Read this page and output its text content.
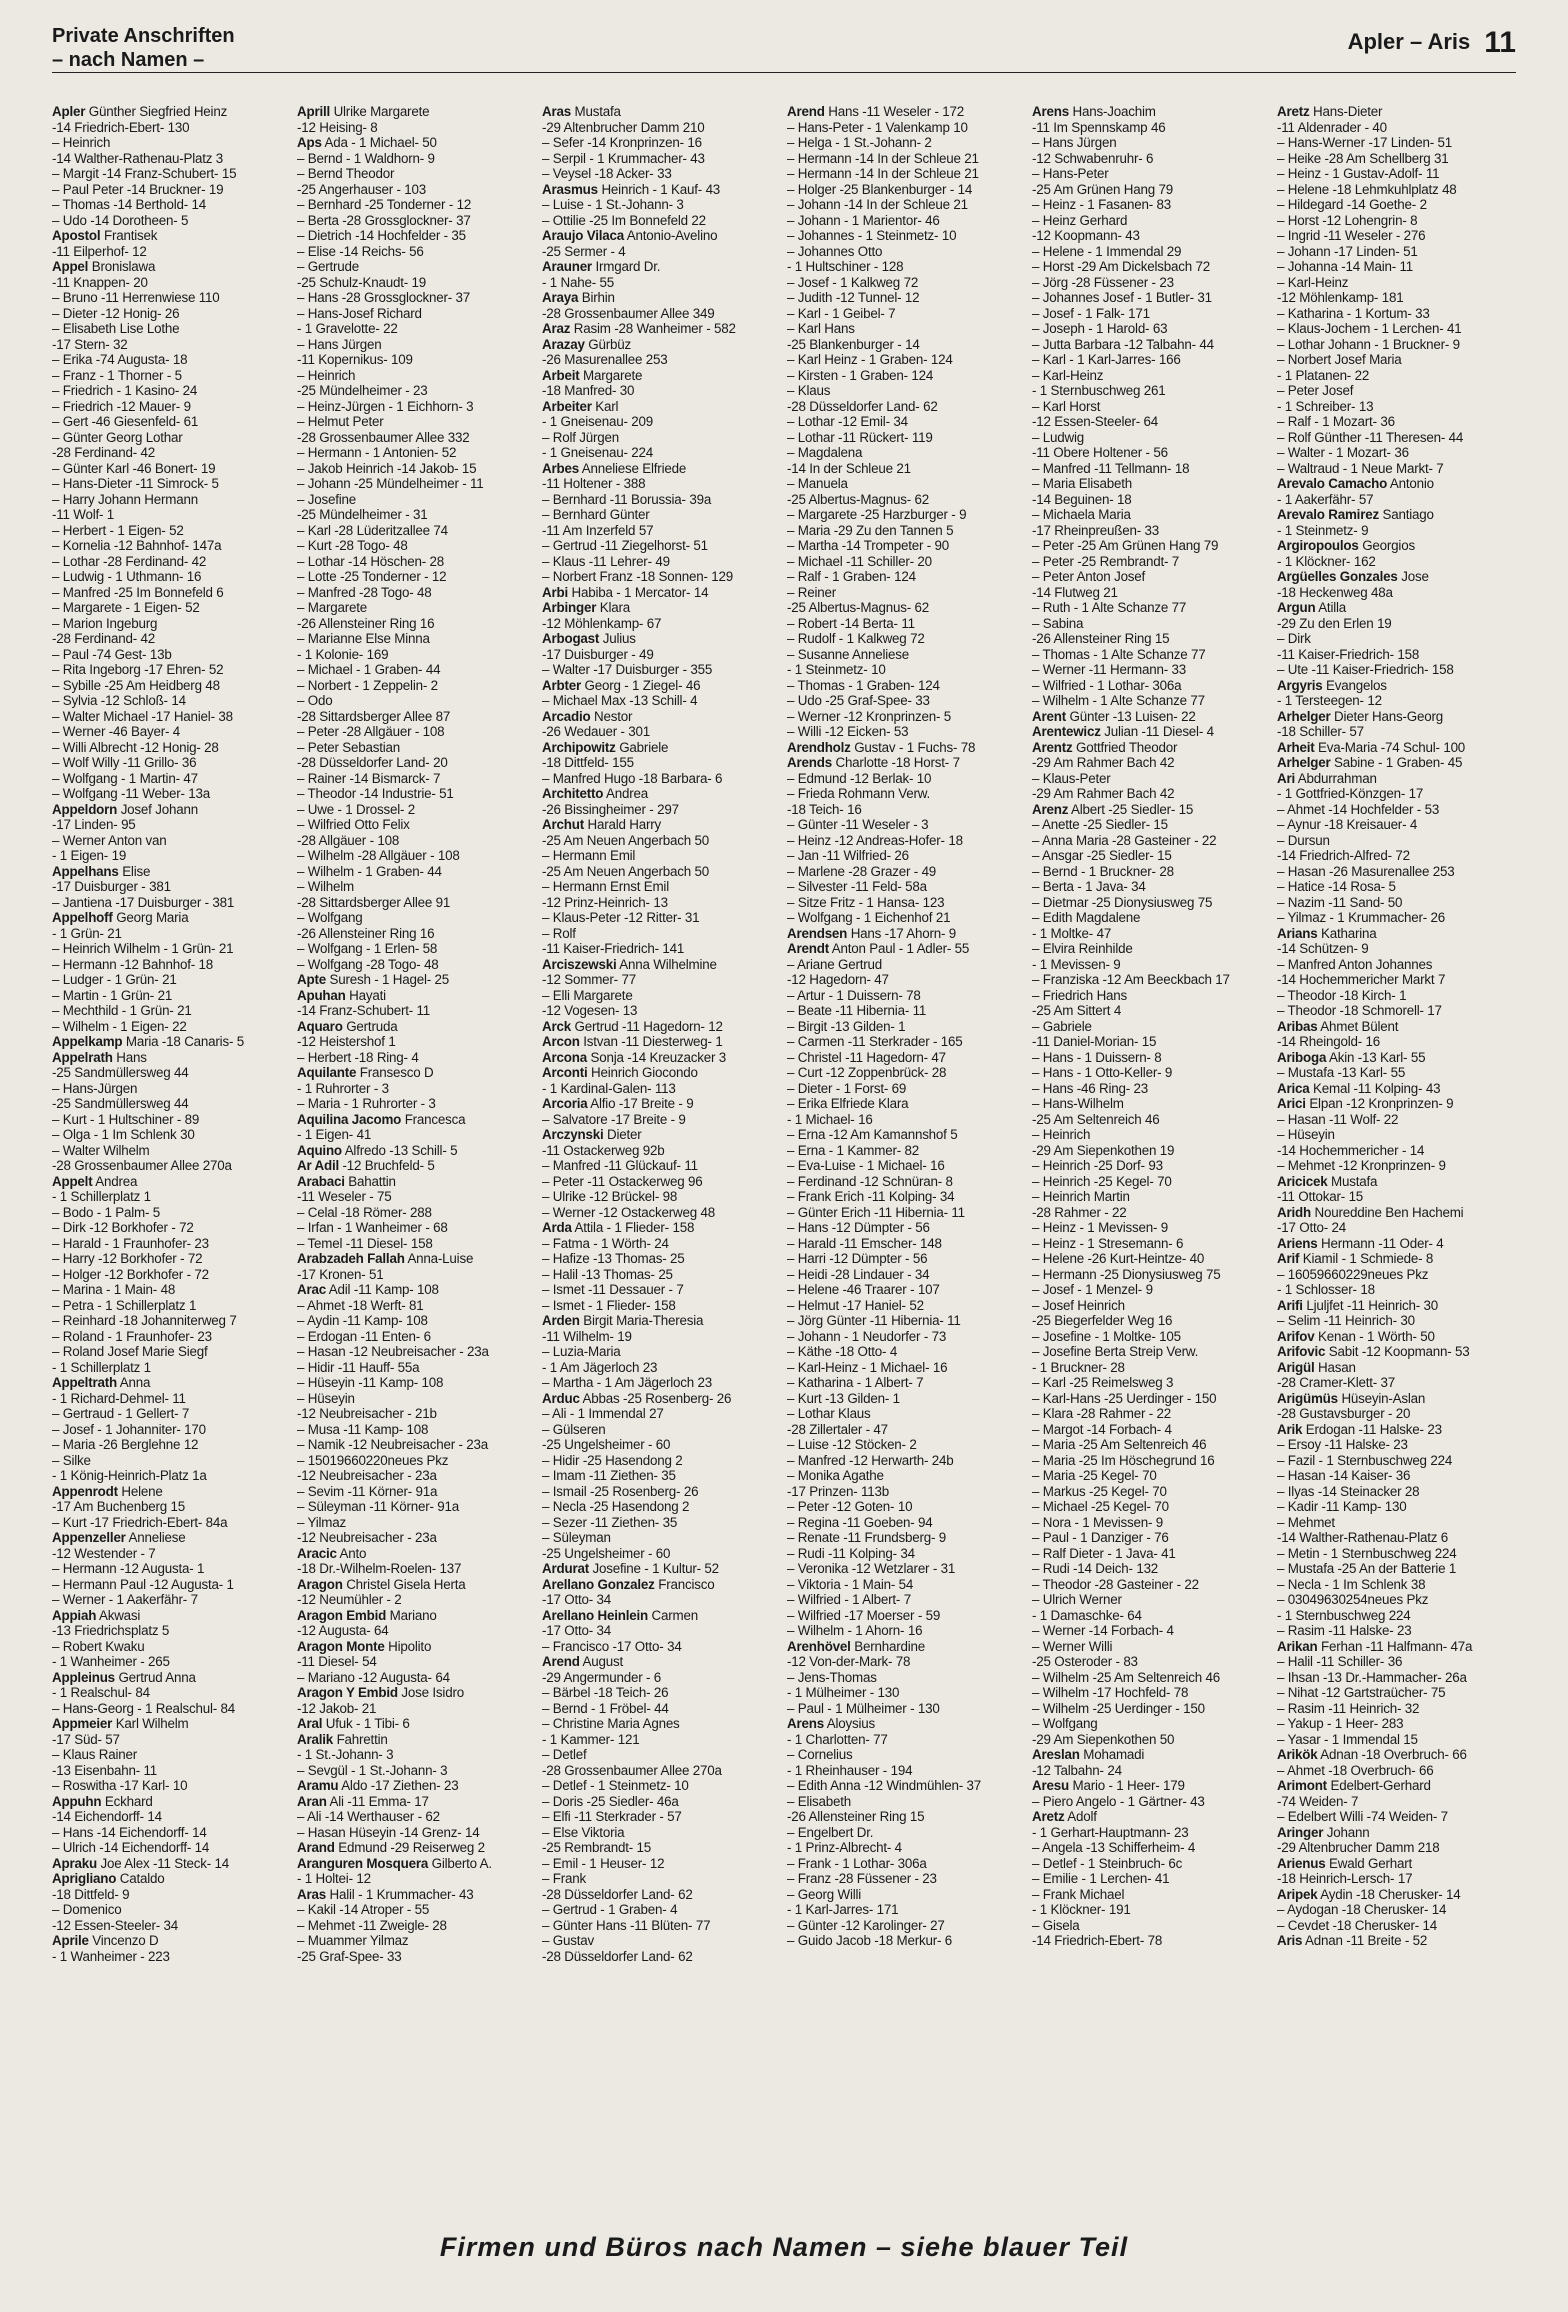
Private Anschriften
– nach Namen –
Apler – Aris 11
Apler Günther Siegfried Heinz
-14 Friedrich-Ebert- 130
– Heinrich
-14 Walther-Rathenau-Platz 3
– Margit -14 Franz-Schubert- 15
– Paul Peter -14 Bruckner- 19
– Thomas -14 Berthold- 14
– Udo -14 Dorotheen- 5
Apostol Frantisek
-11 Eilperhof- 12
Appel Bronislawa
-11 Knappen- 20
– Bruno -11 Herrenwiese 110
– Dieter -12 Honig- 26
– Elisabeth Lise Lothe
-17 Stern- 32
– Erika -74 Augusta- 18
– Franz - 1 Thorner - 5
– Friedrich - 1 Kasino- 24
– Friedrich -12 Mauer- 9
– Gert -46 Giesenfeld- 61
– Günter Georg Lothar
-28 Ferdinand- 42
– Günter Karl -46 Bonert- 19
– Hans-Dieter -11 Simrock- 5
– Harry Johann Hermann
-11 Wolf- 1
– Herbert - 1 Eigen- 52
– Kornelia -12 Bahnhof- 147a
– Lothar -28 Ferdinand- 42
– Ludwig - 1 Uthmann- 16
– Manfred -25 Im Bonnefeld 6
– Margarete - 1 Eigen- 52
– Marion Ingeburg
-28 Ferdinand- 42
– Paul -74 Gest- 13b
– Rita Ingeborg -17 Ehren- 52
– Sybille -25 Am Heidberg 48
– Sylvia -12 Schloß- 14
– Walter Michael -17 Haniel- 38
– Werner -46 Bayer- 4
– Willi Albrecht -12 Honig- 28
– Wolf Willy -11 Grillo- 36
– Wolfgang - 1 Martin- 47
– Wolfgang -11 Weber- 13a
Appeldorn Josef Johann
-17 Linden- 95
– Werner Anton van
- 1 Eigen- 19
Appelhans Elise
-17 Duisburger - 381
– Jantiena -17 Duisburger - 381
Appelhoff Georg Maria
- 1 Grün- 21
– Heinrich Wilhelm - 1 Grün- 21
– Hermann -12 Bahnhof- 18
– Ludger - 1 Grün- 21
– Martin - 1 Grün- 21
– Mechthild - 1 Grün- 21
– Wilhelm - 1 Eigen- 22
Appelkamp Maria -18 Canaris- 5
Appelrath Hans
-25 Sandmüllersweg 44
– Hans-Jürgen
-25 Sandmüllersweg 44
– Kurt - 1 Hultschiner - 89
– Olga - 1 Im Schlenk 30
– Walter Wilhelm
-28 Grossenbaumer Allee 270a
Appelt Andrea
- 1 Schillerplatz 1
– Bodo - 1 Palm- 5
– Dirk -12 Borkhofer - 72
– Harald - 1 Fraunhofer- 23
– Harry -12 Borkhofer - 72
– Holger -12 Borkhofer - 72
– Marina - 1 Main- 48
– Petra - 1 Schillerplatz 1
– Reinhard -18 Johanniterweg 7
– Roland - 1 Fraunhofer- 23
– Roland Josef Marie Siegf
- 1 Schillerplatz 1
Appeltrath Anna
- 1 Richard-Dehmel- 11
– Gertraud - 1 Gellert- 7
– Josef - 1 Johanniter- 170
– Maria -26 Berglehne 12
– Silke
- 1 König-Heinrich-Platz 1a
Appenrodt Helene
-17 Am Buchenberg 15
– Kurt -17 Friedrich-Ebert- 84a
Appenzeller Anneliese
-12 Westender - 7
– Hermann -12 Augusta- 1
– Hermann Paul -12 Augusta- 1
– Werner - 1 Aakerfähr- 7
Appiah Akwasi
-13 Friedrichsplatz 5
– Robert Kwaku
- 1 Wanheimer - 265
Appleinus Gertrud Anna
- 1 Realschul- 84
– Hans-Georg - 1 Realschul- 84
Appmeier Karl Wilhelm
-17 Süd- 57
– Klaus Rainer
-13 Eisenbahn- 11
– Roswitha -17 Karl- 10
Appuhn Eckhard
-14 Eichendorff- 14
– Hans -14 Eichendorff- 14
– Ulrich -14 Eichendorff- 14
Apraku Joe Alex -11 Steck- 14
Aprigliano Cataldo
-18 Dittfeld- 9
– Domenico
-12 Essen-Steeler- 34
Aprile Vincenzo D
- 1 Wanheimer - 223
Aprill Ulrike Margarete
-12 Heising- 8
Aps Ada - 1 Michael- 50
– Bernd - 1 Waldhorn- 9
– Bernd Theodor
-25 Angerhauser - 103
– Bernhard -25 Tonderner - 12
– Berta -28 Grossglockner- 37
– Dietrich -14 Hochfelder - 35
– Elise -14 Reichs- 56
– Gertrude
-25 Schulz-Knaudt- 19
– Hans -28 Grossglockner- 37
– Hans-Josef Richard
- 1 Gravelotte- 22
– Hans Jürgen
-11 Kopernikus- 109
– Heinrich
-25 Mündelheimer - 23
– Heinz-Jürgen - 1 Eichhorn- 3
– Helmut Peter
-28 Grossenbaumer Allee 332
– Hermann - 1 Antonien- 52
– Jakob Heinrich -14 Jakob- 15
– Johann -25 Mündelheimer - 11
– Josefine
-25 Mündelheimer - 31
– Karl -28 Lüderitzallee 74
– Kurt -28 Togo- 48
– Lothar -14 Höschen- 28
– Lotte -25 Tonderner - 12
– Manfred -28 Togo- 48
– Margarete
-26 Allensteiner Ring 16
– Marianne Else Minna
- 1 Kolonie- 169
– Michael - 1 Graben- 44
– Norbert - 1 Zeppelin- 2
– Odo
-28 Sittardsberger Allee 87
– Peter -28 Allgäuer - 108
– Peter Sebastian
-28 Düsseldorfer Land- 20
– Rainer -14 Bismarck- 7
– Theodor -14 Industrie- 51
– Uwe - 1 Drossel- 2
– Wilfried Otto Felix
-28 Allgäuer - 108
– Wilhelm -28 Allgäuer - 108
– Wilhelm - 1 Graben- 44
– Wilhelm
-28 Sittardsberger Allee 91
– Wolfgang
-26 Allensteiner Ring 16
– Wolfgang - 1 Erlen- 58
– Wolfgang -28 Togo- 48
Apte Suresh - 1 Hagel- 25
Apuhan Hayati
-14 Franz-Schubert- 11
Aquaro Gertruda
-12 Heistershof 1
– Herbert -18 Ring- 4
Aquilante Fransesco D
- 1 Ruhrorter - 3
– Maria - 1 Ruhrorter - 3
Aquilina Jacomo Francesca
- 1 Eigen- 41
Aquino Alfredo -13 Schill- 5
Ar Adil -12 Bruchfeld- 5
Arabaci Bahattin
-11 Weseler - 75
– Celal -18 Römer- 288
– Irfan - 1 Wanheimer - 68
– Temel -11 Diesel- 158
Arabzadeh Fallah Anna-Luise
-17 Kronen- 51
Arac Adil -11 Kamp- 108
– Ahmet -18 Werft- 81
– Aydin -11 Kamp- 108
– Erdogan -11 Enten- 6
– Hasan -12 Neubreisacher - 23a
– Hidir -11 Hauff- 55a
– Hüseyin -11 Kamp- 108
– Hüseyin
-12 Neubreisacher - 21b
– Musa -11 Kamp- 108
– Namik -12 Neubreisacher - 23a
– 15019660220neues Pkz
-12 Neubreisacher - 23a
– Sevim -11 Körner- 91a
– Süleyman -11 Körner- 91a
– Yilmaz
-12 Neubreisacher - 23a
Aracic Anto
-18 Dr.-Wilhelm-Roelen- 137
Aragon Christel Gisela Herta
-12 Neumühler - 2
Aragon Embid Mariano
-12 Augusta- 64
Aragon Monte Hipolito
-11 Diesel- 54
– Mariano -12 Augusta- 64
Aragon Y Embid Jose Isidro
-12 Jakob- 21
Aral Ufuk - 1 Tibi- 6
Aralik Fahrettin
- 1 St.-Johann- 3
– Sevgül - 1 St.-Johann- 3
Aramu Aldo -17 Ziethen- 23
Aran Ali -11 Emma- 17
– Ali -14 Werthauser - 62
– Hasan Hüseyin -14 Grenz- 14
Arand Edmund -29 Reiserweg 2
Aranguren Mosquera Gilberto A.
- 1 Holtei- 12
Aras Halil - 1 Krummacher- 43
– Kakil -14 Atroper - 55
– Mehmet -11 Zweigle- 28
– Muammer Yilmaz
-25 Graf-Spee- 33
Aras Mustafa
-29 Altenbrucher Damm 210
– Sefer -14 Kronprinzen- 16
– Serpil - 1 Krummacher- 43
– Veysel -18 Acker- 33
Arasmus Heinrich - 1 Kauf- 43
– Luise - 1 St.-Johann- 3
– Ottilie -25 Im Bonnefeld 22
Araujo Vilaca Antonio-Avelino
-25 Sermer - 4
Arauner Irmgard Dr.
- 1 Nahe- 55
Araya Birhin
-28 Grossenbaumer Allee 349
Araz Rasim -28 Wanheimer - 582
Arazay Gürbüz
-26 Masurenallee 253
Arbeit Margarete
-18 Manfred- 30
Arbeiter Karl
- 1 Gneisenau- 209
– Rolf Jürgen
- 1 Gneisenau- 224
Arbes Anneliese Elfriede
-11 Holtener - 388
– Bernhard -11 Borussia- 39a
– Bernhard Günter
-11 Am Inzerfeld 57
– Gertrud -11 Ziegelhorst- 51
– Klaus -11 Lehrer- 49
– Norbert Franz -18 Sonnen- 129
Arbi Habiba - 1 Mercator- 14
Arbinger Klara
-12 Möhlenkamp- 67
Arbogast Julius
-17 Duisburger - 49
– Walter -17 Duisburger - 355
Arbter Georg - 1 Ziegel- 46
– Michael Max -13 Schill- 4
Arcadio Nestor
-26 Wedauer - 301
Archipowitz Gabriele
-18 Dittfeld- 155
– Manfred Hugo -18 Barbara- 6
Architetto Andrea
-26 Bissingheimer - 297
Archut Harald Harry
-25 Am Neuen Angerbach 50
– Hermann Emil
-25 Am Neuen Angerbach 50
– Hermann Ernst Emil
-12 Prinz-Heinrich- 13
– Klaus-Peter -12 Ritter- 31
– Rolf
-11 Kaiser-Friedrich- 141
Arciszewski Anna Wilhelmine
-12 Sommer- 77
– Elli Margarete
-12 Vogesen- 13
Arck Gertrud -11 Hagedorn- 12
Arcon Istvan -11 Diesterweg- 1
Arcona Sonja -14 Kreuzacker 3
Arconti Heinrich Giocondo
- 1 Kardinal-Galen- 113
Arcoria Alfio -17 Breite - 9
– Salvatore -17 Breite - 9
Arczynski Dieter
-11 Ostackerweg 92b
– Manfred -11 Glückauf- 11
– Peter -11 Ostackerweg 96
– Ulrike -12 Brückel- 98
– Werner -12 Ostackerweg 48
Arda Attila - 1 Flieder- 158
– Fatma - 1 Wörth- 24
– Hafize -13 Thomas- 25
– Halil -13 Thomas- 25
– Ismet -11 Dessauer - 7
– Ismet - 1 Flieder- 158
Arden Birgit Maria-Theresia
-11 Wilhelm- 19
– Luzia-Maria
- 1 Am Jägerloch 23
– Martha - 1 Am Jägerloch 23
Arduc Abbas -25 Rosenberg- 26
– Ali - 1 Immendal 27
– Gülseren
-25 Ungelsheimer - 60
– Hidir -25 Hasendong 2
– Imam -11 Ziethen- 35
– Ismail -25 Rosenberg- 26
– Necla -25 Hasendong 2
– Sezer -11 Ziethen- 35
– Süleyman
-25 Ungelsheimer - 60
Ardurat Josefine - 1 Kultur- 52
Arellano Gonzalez Francisco
-17 Otto- 34
Arellano Heinlein Carmen
-17 Otto- 34
– Francisco -17 Otto- 34
Arend August
-29 Angermunder - 6
– Bärbel -18 Teich- 26
– Bernd - 1 Fröbel- 44
– Christine Maria Agnes
- 1 Kammer- 121
– Detlef
-28 Grossenbaumer Allee 270a
– Detlef - 1 Steinmetz- 10
– Doris -25 Siedler- 46a
– Elfi -11 Sterkrader - 57
– Else Viktoria
-25 Rembrandt- 15
– Emil - 1 Heuser- 12
– Frank
-28 Düsseldorfer Land- 62
– Gertrud - 1 Graben- 4
– Günter Hans -11 Blüten- 77
– Gustav
-28 Düsseldorfer Land- 62
Arend Hans -11 Weseler - 172
– Hans-Peter - 1 Valenkamp 10
– Helga - 1 St.-Johann- 2
– Hermann -14 In der Schleue 21
– Hermann -14 In der Schleue 21
– Holger -25 Blankenburger - 14
– Johann -14 In der Schleue 21
– Johann - 1 Marientor- 46
– Johannes - 1 Steinmetz- 10
– Johannes Otto
- 1 Hultschiner - 128
– Josef - 1 Kalkweg 72
– Judith -12 Tunnel- 12
– Karl - 1 Geibel- 7
– Karl Hans
-25 Blankenburger - 14
– Karl Heinz - 1 Graben- 124
– Kirsten - 1 Graben- 124
– Klaus
-28 Düsseldorfer Land- 62
– Lothar -12 Emil- 34
– Lothar -11 Rückert- 119
– Magdalena
-14 In der Schleue 21
– Manuela
-25 Albertus-Magnus- 62
– Margarete -25 Harzburger - 9
– Maria -29 Zu den Tannen 5
– Martha -14 Trompeter - 90
– Michael -11 Schiller- 20
– Ralf - 1 Graben- 124
– Reiner
-25 Albertus-Magnus- 62
– Robert -14 Berta- 11
– Rudolf - 1 Kalkweg 72
– Susanne Anneliese
- 1 Steinmetz- 10
– Thomas - 1 Graben- 124
– Udo -25 Graf-Spee- 33
– Werner -12 Kronprinzen- 5
– Willi -12 Eicken- 53
Arendholz Gustav - 1 Fuchs- 78
Arends Charlotte -18 Horst- 7
– Edmund -12 Berlak- 10
– Frieda Rohmann Verw.
-18 Teich- 16
– Günter -11 Weseler - 3
– Heinz -12 Andreas-Hofer- 18
– Jan -11 Wilfried- 26
– Marlene -28 Grazer - 49
– Silvester -11 Feld- 58a
– Sitze Fritz - 1 Hansa- 123
– Wolfgang - 1 Eichenhof 21
Arendsen Hans -17 Ahorn- 9
Arendt Anton Paul - 1 Adler- 55
– Ariane Gertrud
-12 Hagedorn- 47
– Artur - 1 Duissern- 78
– Beate -11 Hibernia- 11
– Birgit -13 Gilden- 1
– Carmen -11 Sterkrader - 165
– Christel -11 Hagedorn- 47
– Curt -12 Zoppenbrück- 28
– Dieter - 1 Forst- 69
– Erika Elfriede Klara
- 1 Michael- 16
– Erna -12 Am Kamannshof 5
– Erna - 1 Kammer- 82
– Eva-Luise - 1 Michael- 16
– Ferdinand -12 Schnüran- 8
– Frank Erich -11 Kolping- 34
– Günter Erich -11 Hibernia- 11
– Hans -12 Dümpter - 56
– Harald -11 Emscher- 148
– Harri -12 Dümpter - 56
– Heidi -28 Lindauer - 34
– Helene -46 Traarer - 107
– Helmut -17 Haniel- 52
– Jörg Günter -11 Hibernia- 11
– Johann - 1 Neudorfer - 73
– Käthe -18 Otto- 4
– Karl-Heinz - 1 Michael- 16
– Katharina - 1 Albert- 7
– Kurt -13 Gilden- 1
– Lothar Klaus
-28 Zillertaler - 47
– Luise -12 Stöcken- 2
– Manfred -12 Herwarth- 24b
– Monika Agathe
-17 Prinzen- 113b
– Peter -12 Goten- 10
– Regina -11 Goeben- 94
– Renate -11 Frundsberg- 9
– Rudi -11 Kolping- 34
– Veronika -12 Wetzlarer - 31
– Viktoria - 1 Main- 54
– Wilfried - 1 Albert- 7
– Wilfried -17 Moerser - 59
– Wilhelm - 1 Ahorn- 16
Arenhövel Bernhardine
-12 Von-der-Mark- 78
– Jens-Thomas
- 1 Mülheimer - 130
– Paul - 1 Mülheimer - 130
Arens Aloysius
- 1 Charlotten- 77
– Cornelius
- 1 Rheinhauser - 194
– Edith Anna -12 Windmühlen- 37
– Elisabeth
-26 Allensteiner Ring 15
– Engelbert Dr.
- 1 Prinz-Albrecht- 4
– Frank - 1 Lothar- 306a
– Franz -28 Füssener - 23
– Georg Willi
- 1 Karl-Jarres- 171
– Günter -12 Karolinger- 27
– Guido Jacob -18 Merkur- 6
Arens Hans-Joachim
-11 Im Spennskamp 46
– Hans Jürgen
-12 Schwabenruhr- 6
– Hans-Peter
-25 Am Grünen Hang 79
– Heinz - 1 Fasanen- 83
– Heinz Gerhard
-12 Koopmann- 43
– Helene - 1 Immendal 29
– Horst -29 Am Dickelsbach 72
– Jörg -28 Füssener - 23
– Johannes Josef - 1 Butler- 31
– Josef - 1 Falk- 171
– Joseph - 1 Harold- 63
– Jutta Barbara -12 Talbahn- 44
– Karl - 1 Karl-Jarres- 166
– Karl-Heinz
- 1 Sternbuschweg 261
– Karl Horst
-12 Essen-Steeler- 64
– Ludwig
-11 Obere Holtener - 56
– Manfred -11 Tellmann- 18
– Maria Elisabeth
-14 Beguinen- 18
– Michaela Maria
-17 Rheinpreußen- 33
– Peter -25 Am Grünen Hang 79
– Peter -25 Rembrandt- 7
– Peter Anton Josef
-14 Flutweg 21
– Ruth - 1 Alte Schanze 77
– Sabina
-26 Allensteiner Ring 15
– Thomas - 1 Alte Schanze 77
– Werner -11 Hermann- 33
– Wilfried - 1 Lothar- 306a
– Wilhelm - 1 Alte Schanze 77
Arent Günter -13 Luisen- 22
Arentewicz Julian -11 Diesel- 4
Arentz Gottfried Theodor
-29 Am Rahmer Bach 42
– Klaus-Peter
-29 Am Rahmer Bach 42
Arenz Albert -25 Siedler- 15
– Anette -25 Siedler- 15
– Anna Maria -28 Gasteiner - 22
– Ansgar -25 Siedler- 15
– Bernd - 1 Bruckner- 28
– Berta - 1 Java- 34
– Dietmar -25 Dionysiusweg 75
– Edith Magdalene
- 1 Moltke- 47
– Elvira Reinhilde
- 1 Mevissen- 9
– Franziska -12 Am Beeckbach 17
– Friedrich Hans
-25 Am Sittert 4
– Gabriele
-11 Daniel-Morian- 15
– Hans - 1 Duissern- 8
– Hans - 1 Otto-Keller- 9
– Hans -46 Ring- 23
– Hans-Wilhelm
-25 Am Seltenreich 46
– Heinrich
-29 Am Siepenkothen 19
– Heinrich -25 Dorf- 93
– Heinrich -25 Kegel- 70
– Heinrich Martin
-28 Rahmer - 22
– Heinz - 1 Mevissen- 9
– Heinz - 1 Stresemann- 6
– Helene -26 Kurt-Heintze- 40
– Hermann -25 Dionysiusweg 75
– Josef - 1 Menzel- 9
– Josef Heinrich
-25 Biegerfelder Weg 16
– Josefine - 1 Moltke- 105
– Josefine Berta Streip Verw.
- 1 Bruckner- 28
– Karl -25 Reimelsweg 3
– Karl-Hans -25 Uerdinger - 150
– Klara -28 Rahmer - 22
– Margot -14 Forbach- 4
– Maria -25 Am Seltenreich 46
– Maria -25 Im Höschegrund 16
– Maria -25 Kegel- 70
– Markus -25 Kegel- 70
– Michael -25 Kegel- 70
– Nora - 1 Mevissen- 9
– Paul - 1 Danziger - 76
– Ralf Dieter - 1 Java- 41
– Rudi -14 Deich- 132
– Theodor -28 Gasteiner - 22
– Ulrich Werner
- 1 Damaschke- 64
– Werner -14 Forbach- 4
– Werner Willi
-25 Osteroder - 83
– Wilhelm -25 Am Seltenreich 46
– Wilhelm -17 Hochfeld- 78
– Wilhelm -25 Uerdinger - 150
– Wolfgang
-29 Am Siepenkothen 50
Areslan Mohamadi
-12 Talbahn- 24
Aresu Mario - 1 Heer- 179
– Piero Angelo - 1 Gärtner- 43
Aretz Adolf
- 1 Gerhart-Hauptmann- 23
– Angela -13 Schifferheim- 4
– Detlef - 1 Steinbruch- 6c
– Emilie - 1 Lerchen- 41
– Frank Michael
- 1 Klöckner- 191
– Gisela
-14 Friedrich-Ebert- 78
Aretz Hans-Dieter
-11 Aldenrader - 40
– Hans-Werner -17 Linden- 51
– Heike -28 Am Schellberg 31
– Heinz - 1 Gustav-Adolf- 11
– Helene -18 Lehmkuhlplatz 48
– Hildegard -14 Goethe- 2
– Horst -12 Lohengrin- 8
– Ingrid -11 Weseler - 276
– Johann -17 Linden- 51
– Johanna -14 Main- 11
– Karl-Heinz
-12 Möhlenkamp- 181
– Katharina - 1 Kortum- 33
– Klaus-Jochem - 1 Lerchen- 41
– Lothar Johann - 1 Bruckner- 9
– Norbert Josef Maria
- 1 Platanen- 22
– Peter Josef
- 1 Schreiber- 13
– Ralf - 1 Mozart- 36
– Rolf Günther -11 Theresen- 44
– Walter - 1 Mozart- 36
– Waltraud - 1 Neue Markt- 7
Arevalo Camacho Antonio
- 1 Aakerfähr- 57
Arevalo Ramirez Santiago
- 1 Steinmetz- 9
Argiropoulos Georgios
- 1 Klöckner- 162
Argüelles Gonzales Jose
-18 Heckenweg 48a
Argun Atilla
-29 Zu den Erlen 19
– Dirk
-11 Kaiser-Friedrich- 158
– Ute -11 Kaiser-Friedrich- 158
Argyris Evangelos
- 1 Tersteegen- 12
Arhelger Dieter Hans-Georg
-18 Schiller- 57
Arheit Eva-Maria -74 Schul- 100
Arhelger Sabine - 1 Graben- 45
Ari Abdurrahman
- 1 Gottfried-Könzgen- 17
– Ahmet -14 Hochfelder - 53
– Aynur -18 Kreisauer- 4
– Dursun
-14 Friedrich-Alfred- 72
– Hasan -26 Masurenallee 253
– Hatice -14 Rosa- 5
– Nazim -11 Sand- 50
– Yilmaz - 1 Krummacher- 26
Arians Katharina
-14 Schützen- 9
– Manfred Anton Johannes
-14 Hochemmericher Markt 7
– Theodor -18 Kirch- 1
– Theodor -18 Schmorell- 17
Aribas Ahmet Bülent
-14 Rheingold- 16
Ariboga Akin -13 Karl- 55
– Mustafa -13 Karl- 55
Arica Kemal -11 Kolping- 43
Arici Elpan -12 Kronprinzen- 9
– Hasan -11 Wolf- 22
– Hüseyin
-14 Hochemmericher - 14
– Mehmet -12 Kronprinzen- 9
Aricicek Mustafa
-11 Ottokar- 15
Aridh Noureddine Ben Hachemi
-17 Otto- 24
Ariens Hermann -11 Oder- 4
Arif Kiamil - 1 Schmiede- 8
– 16059660229neues Pkz
- 1 Schlosser- 18
Arifi Ljuljfet -11 Heinrich- 30
– Selim -11 Heinrich- 30
Arifov Kenan - 1 Wörth- 50
Arifovic Sabit -12 Koopmann- 53
Arigül Hasan
-28 Cramer-Klett- 37
Arigümüs Hüseyin-Aslan
-28 Gustavsburger - 20
Arik Erdogan -11 Halske- 23
– Ersoy -11 Halske- 23
– Fazil - 1 Sternbuschweg 224
– Hasan -14 Kaiser- 36
– Ilyas -14 Steinacker 28
– Kadir -11 Kamp- 130
– Mehmet
-14 Walther-Rathenau-Platz 6
– Metin - 1 Sternbuschweg 224
– Mustafa -25 An der Batterie 1
– Necla - 1 Im Schlenk 38
– 03049630254neues Pkz
- 1 Sternbuschweg 224
– Rasim -11 Halske- 23
Arikan Ferhan -11 Halfmann- 47a
– Halil -11 Schiller- 36
– Ihsan -13 Dr.-Hammacher- 26a
– Nihat -12 Gartstraücher- 75
– Rasim -11 Heinrich- 32
– Yakup - 1 Heer- 283
– Yasar - 1 Immendal 15
Arikök Adnan -18 Overbruch- 66
– Ahmet -18 Overbruch- 66
Arimont Edelbert-Gerhard
-74 Weiden- 7
– Edelbert Willi -74 Weiden- 7
Aringer Johann
-29 Altenbrucher Damm 218
Arienus Ewald Gerhart
-18 Heinrich-Lersch- 17
Aripek Aydin -18 Cherusker- 14
– Aydogan -18 Cherusker- 14
– Cevdet -18 Cherusker- 14
Aris Adnan -11 Breite - 52
Firmen und Büros nach Namen – siehe blauer Teil
